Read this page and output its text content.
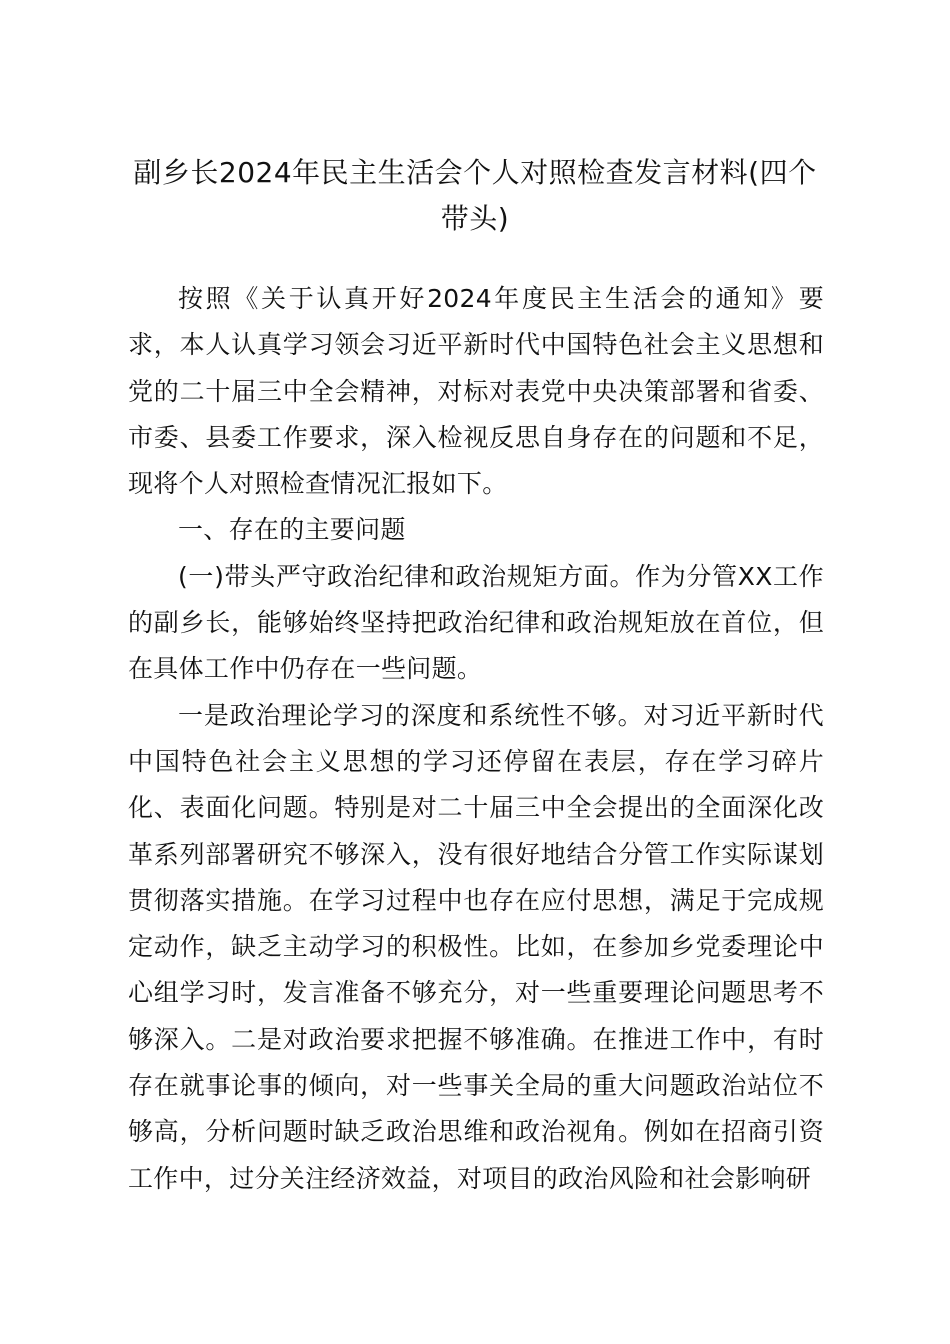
副乡长2024年民主生活会个人对照检查发言材料(四个带头)

按照《关于认真开好2024年度民主生活会的通知》要求，本人认真学习领会习近平新时代中国特色社会主义思想和党的二十届三中全会精神，对标对表党中央决策部署和省委、市委、县委工作要求，深入检视反思自身存在的问题和不足，现将个人对照检查情况汇报如下。

一、存在的主要问题

(一)带头严守政治纪律和政治规矩方面。作为分管XX工作的副乡长，能够始终坚持把政治纪律和政治规矩放在首位，但在具体工作中仍存在一些问题。

一是政治理论学习的深度和系统性不够。对习近平新时代中国特色社会主义思想的学习还停留在表层，存在学习碎片化、表面化问题。特别是对二十届三中全会提出的全面深化改革系列部署研究不够深入，没有很好地结合分管工作实际谋划贯彻落实措施。在学习过程中也存在应付思想，满足于完成规定动作，缺乏主动学习的积极性。比如，在参加乡党委理论中心组学习时，发言准备不够充分，对一些重要理论问题思考不够深入。二是对政治要求把握不够准确。在推进工作中，有时存在就事论事的倾向，对一些事关全局的重大问题政治站位不够高，分析问题时缺乏政治思维和政治视角。例如在招商引资工作中，过分关注经济效益，对项目的政治风险和社会影响研
